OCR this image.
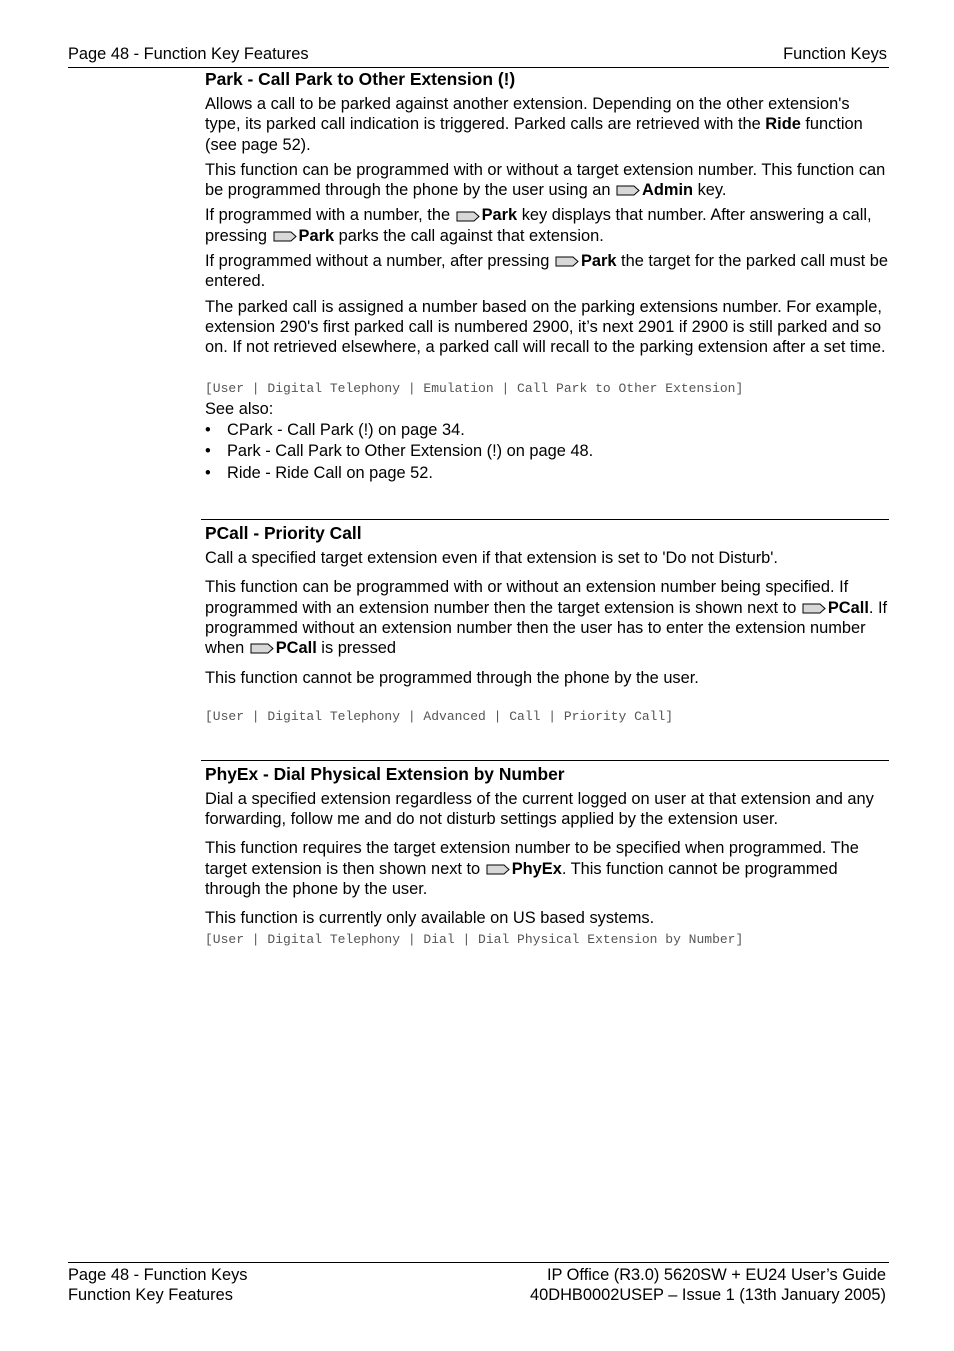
Page 48 - Function Key Features	Function Keys
Park - Call Park to Other Extension (!)

Allows a call to be parked against another extension. Depending on the other extension's type, its parked call indication is triggered. Parked calls are retrieved with the Ride function (see page 52).

This function can be programmed with or without a target extension number. This function can be programmed through the phone by the user using an
Admin key.

If programmed with a number, the
Park key displays that number. After answering a call, pressing
Park parks the call against that extension.

If programmed without a number, after pressing
Park the target for the parked call must be entered.

The parked call is assigned a number based on the parking extensions number. For example, extension 290's first parked call is numbered 2900, it’s next 2901 if 2900 is still parked and so on. If not retrieved elsewhere, a parked call will recall to the parking extension after a set time.

[User | Digital Telephony | Emulation | Call Park to Other Extension]

See also:

• CPark - Call Park (!) on page 34.
• Park - Call Park to Other Extension (!) on page 48.
• Ride - Ride Call on page 52.
PCall - Priority Call

Call a specified target extension even if that extension is set to 'Do not Disturb'.

This function can be programmed with or without an extension number being specified. If programmed with an extension number then the target extension is shown next to
PCall. If programmed without an extension number then the user has to enter the extension number when
PCall is pressed

This function cannot be programmed through the phone by the user.

[User | Digital Telephony | Advanced | Call | Priority Call]

PhyEx - Dial Physical Extension by Number

Dial a specified extension regardless of the current logged on user at that extension and any forwarding, follow me and do not disturb settings applied by the extension user.

This function requires the target extension number to be specified when programmed. The target extension is then shown next to
PhyEx. This function cannot be programmed through the phone by the user.

This function is currently only available on US based systems.

[User | Digital Telephony | Dial | Dial Physical Extension by Number]

Page 48 - Function Keys	IP Office (R3.0) 5620SW + EU24 User’s Guide
Function Key Features	40DHB0002USEP – Issue 1 (13th January 2005)
